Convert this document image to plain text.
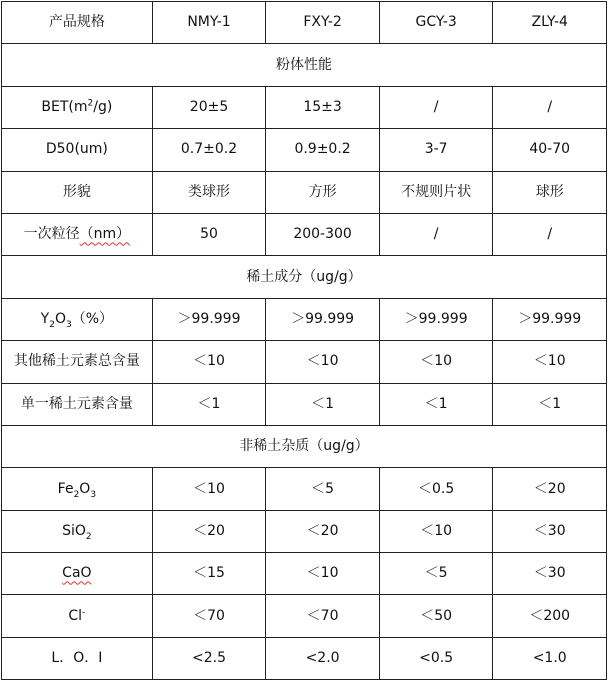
产品规格	NMY-1	FXY-2	GCY-3	ZLY-4
粉体性能				
$BET(m^2/g)$	20±5	15±3	/	/
D50(um)	0.7±0.2	0.9±0.2	3-7	40-70
形貌	类球形	方形	不规则片状	球形
一次粒径（nm）	50	200-300	/	/
稀土成分（ug/g）				
$Y_2O_3(\%)$	＞99.999	＞99.999	＞99.999	＞99.999
其他稀土元素总含量	＜10	＜10	＜10	＜10
单一稀土元素含量	＜1	＜1	＜1	＜1
非稀土杂质（ug/g）				
$Fe_2O_3$	＜10	＜5	＜0.5	＜20
SiO$_2$	＜20	＜20	＜10	＜30
CaO	＜15	＜10	＜5	＜30
Cl-	＜70	＜70	＜50	＜200
L．O．I	<2.5	<2.0	<0.5	<1.0
